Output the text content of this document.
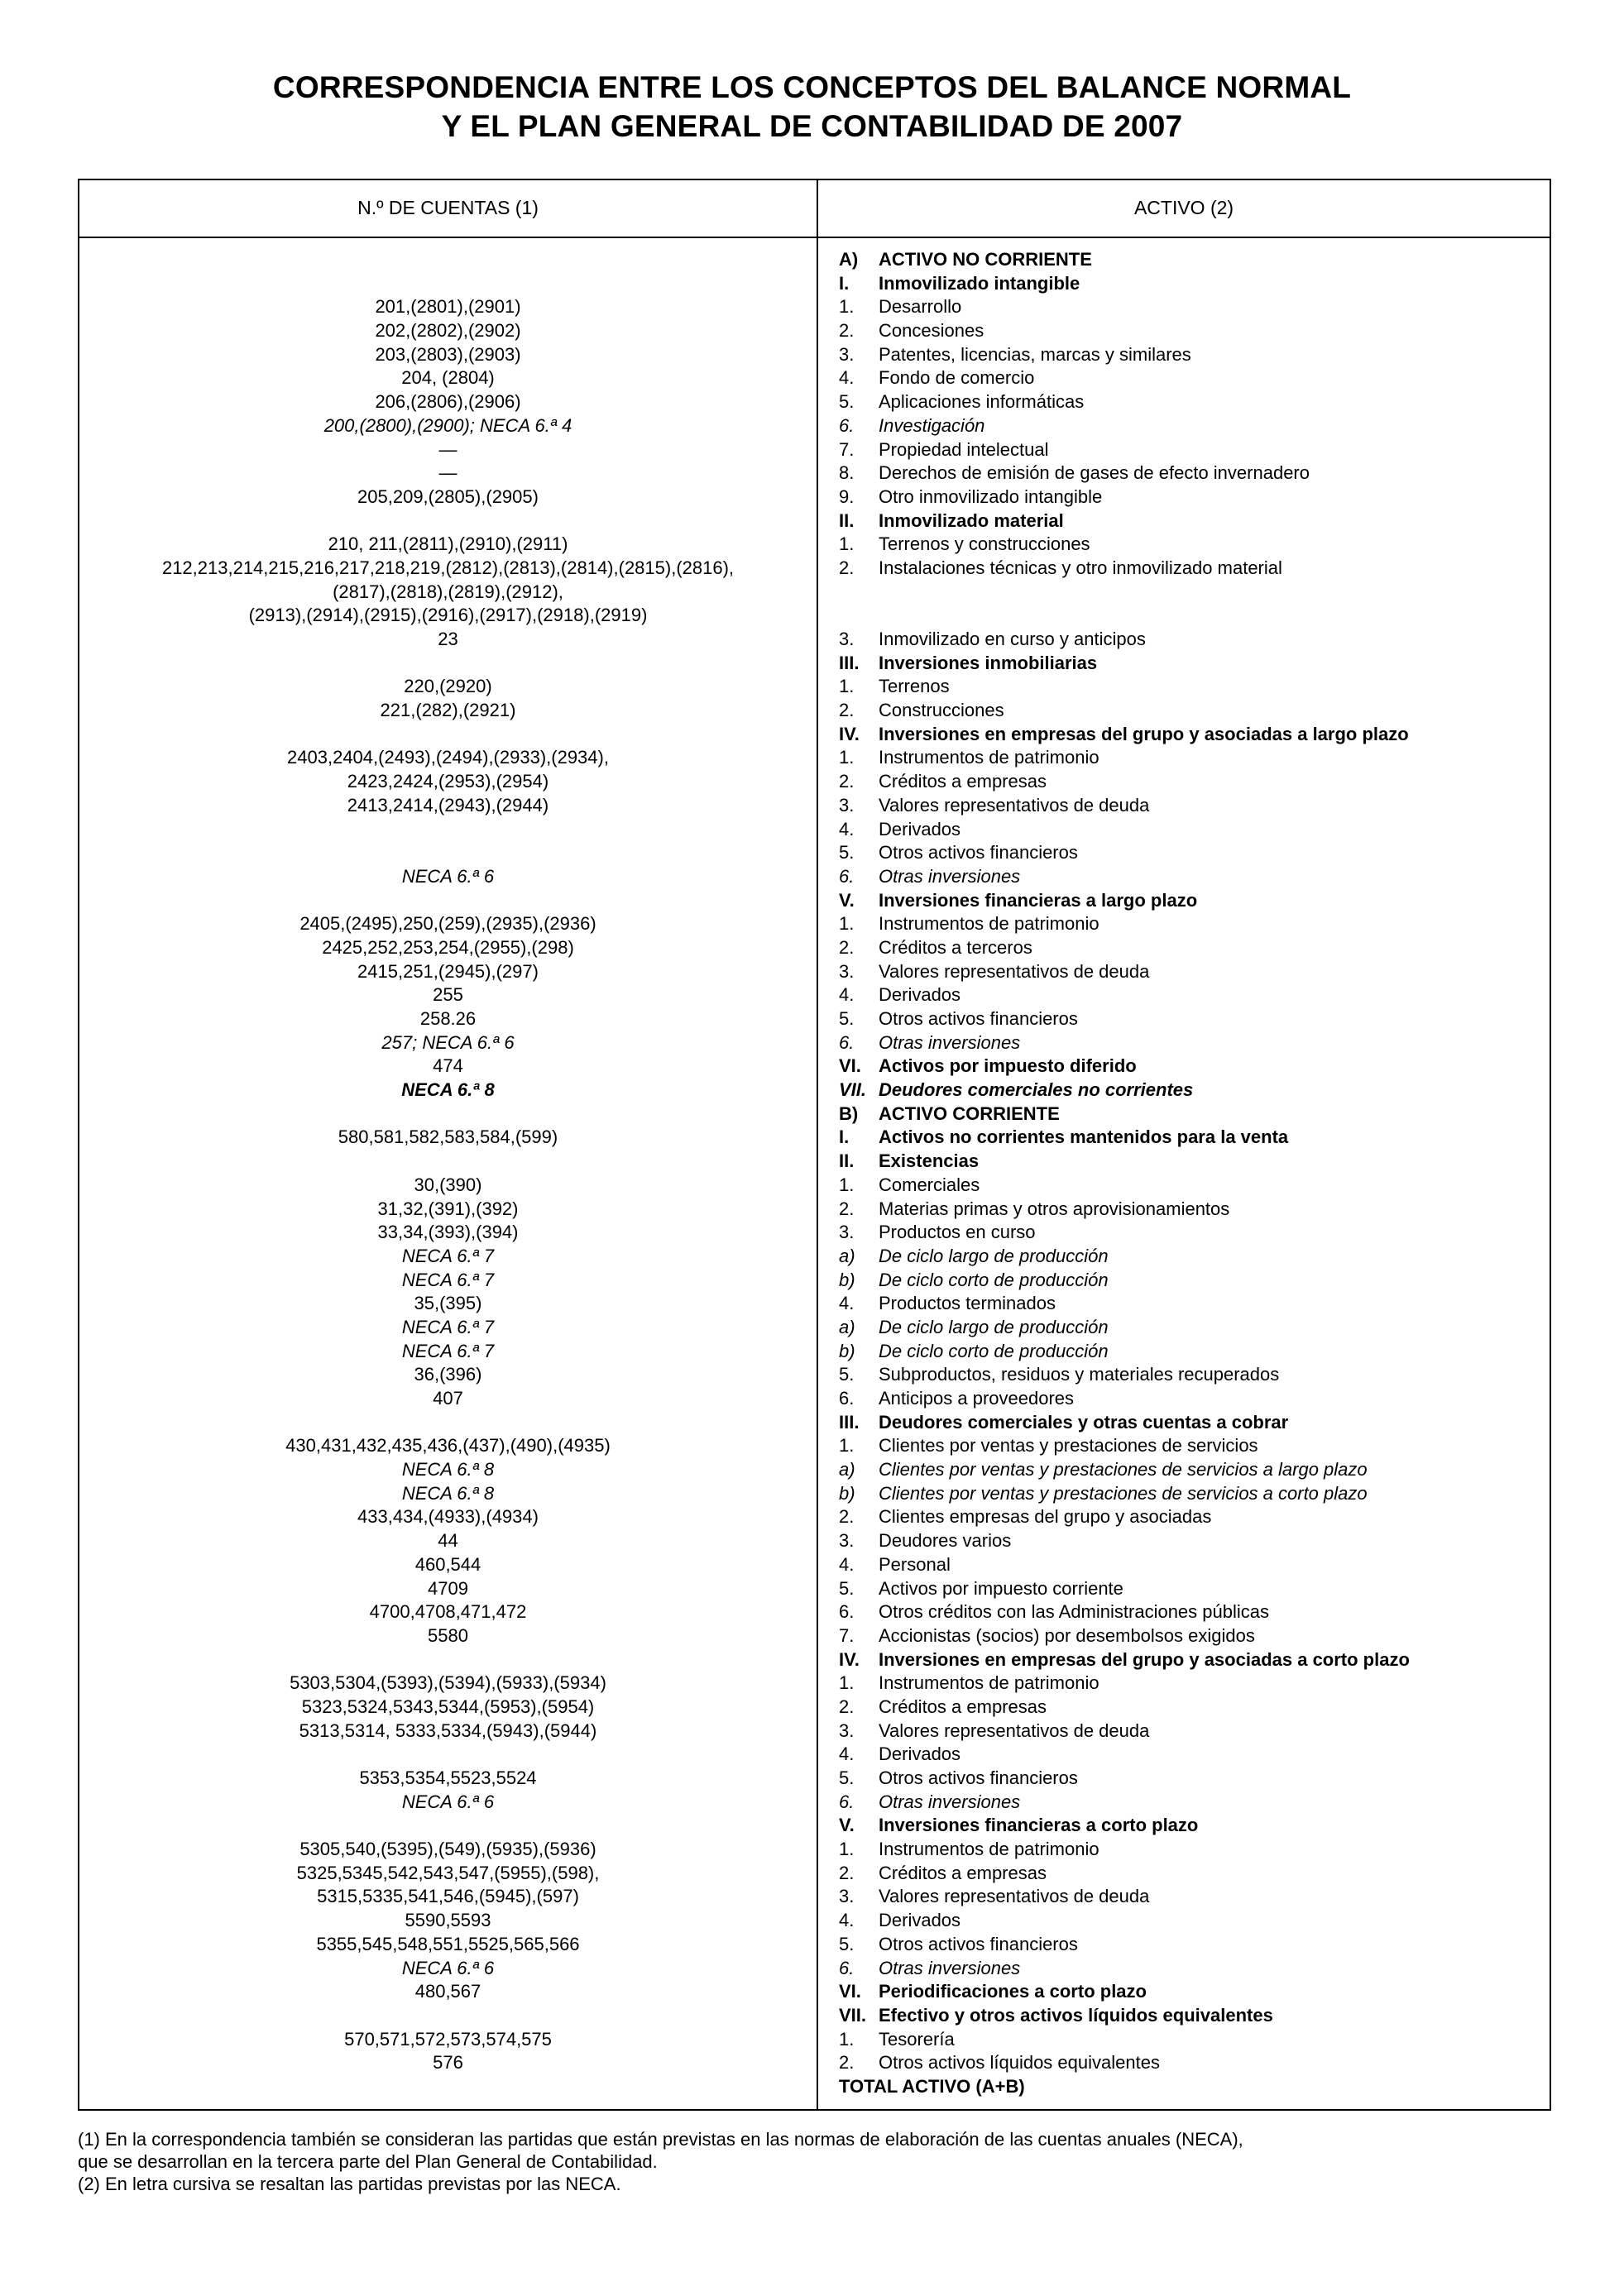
CORRESPONDENCIA ENTRE LOS CONCEPTOS DEL BALANCE NORMAL
Y EL PLAN GENERAL DE CONTABILIDAD DE 2007
N.º DE CUENTAS (1)	ACTIVO (2)
A) ACTIVO NO CORRIENTE
I. Inmovilizado intangible
201,(2801),(2901)	1. Desarrollo
202,(2802),(2902)	2. Concesiones
203,(2803),(2903)	3. Patentes, licencias, marcas y similares
204, (2804)	4. Fondo de comercio
206,(2806),(2906)	5. Aplicaciones informáticas
200,(2800),(2900); NECA 6.ª 4	6. Investigación
—	7. Propiedad intelectual
—	8. Derechos de emisión de gases de efecto invernadero
205,209,(2805),(2905)	9. Otro inmovilizado intangible
II. Inmovilizado material
210, 211,(2811),(2910),(2911)	1. Terrenos y construcciones
212,213,214,215,216,217,218,219,(2812),(2813),(2814),(2815),(2816),	2. Instalaciones técnicas y otro inmovilizado material
(2817),(2818),(2819),(2912),
(2913),(2914),(2915),(2916),(2917),(2918),(2919)
23	3. Inmovilizado en curso y anticipos
III. Inversiones inmobiliarias
220,(2920)	1. Terrenos
221,(282),(2921)	2. Construcciones
IV. Inversiones en empresas del grupo y asociadas a largo plazo
2403,2404,(2493),(2494),(2933),(2934),	1. Instrumentos de patrimonio
2423,2424,(2953),(2954)	2. Créditos a empresas
2413,2414,(2943),(2944)	3. Valores representativos de deuda
4. Derivados
5. Otros activos financieros
NECA 6.ª 6	6. Otras inversiones
V. Inversiones financieras a largo plazo
2405,(2495),250,(259),(2935),(2936)	1. Instrumentos de patrimonio
2425,252,253,254,(2955),(298)	2. Créditos a terceros
2415,251,(2945),(297)	3. Valores representativos de deuda
255	4. Derivados
258.26	5. Otros activos financieros
257; NECA 6.ª 6	6. Otras inversiones
474	VI. Activos por impuesto diferido
NECA 6.ª 8	VII. Deudores comerciales no corrientes
B) ACTIVO CORRIENTE
580,581,582,583,584,(599)	I. Activos no corrientes mantenidos para la venta
II. Existencias
30,(390)	1. Comerciales
31,32,(391),(392)	2. Materias primas y otros aprovisionamientos
33,34,(393),(394)	3. Productos en curso
NECA 6.ª 7	a) De ciclo largo de producción
NECA 6.ª 7	b) De ciclo corto de producción
35,(395)	4. Productos terminados
NECA 6.ª 7	a) De ciclo largo de producción
NECA 6.ª 7	b) De ciclo corto de producción
36,(396)	5. Subproductos, residuos y materiales recuperados
407	6. Anticipos a proveedores
III. Deudores comerciales y otras cuentas a cobrar
430,431,432,435,436,(437),(490),(4935)	1. Clientes por ventas y prestaciones de servicios
NECA 6.ª 8	a) Clientes por ventas y prestaciones de servicios a largo plazo
NECA 6.ª 8	b) Clientes por ventas y prestaciones de servicios a corto plazo
433,434,(4933),(4934)	2. Clientes empresas del grupo y asociadas
44	3. Deudores varios
460,544	4. Personal
4709	5. Activos por impuesto corriente
4700,4708,471,472	6. Otros créditos con las Administraciones públicas
5580	7. Accionistas (socios) por desembolsos exigidos
IV. Inversiones en empresas del grupo y asociadas a corto plazo
5303,5304,(5393),(5394),(5933),(5934)	1. Instrumentos de patrimonio
5323,5324,5343,5344,(5953),(5954)	2. Créditos a empresas
5313,5314, 5333,5334,(5943),(5944)	3. Valores representativos de deuda
4. Derivados
5353,5354,5523,5524	5. Otros activos financieros
NECA 6.ª 6	6. Otras inversiones
V. Inversiones financieras a corto plazo
5305,540,(5395),(549),(5935),(5936)	1. Instrumentos de patrimonio
5325,5345,542,543,547,(5955),(598),	2. Créditos a empresas
5315,5335,541,546,(5945),(597)	3. Valores representativos de deuda
5590,5593	4. Derivados
5355,545,548,551,5525,565,566	5. Otros activos financieros
NECA 6.ª 6	6. Otras inversiones
480,567	VI. Periodificaciones a corto plazo
VII. Efectivo y otros activos líquidos equivalentes
570,571,572,573,574,575	1. Tesorería
576	2. Otros activos líquidos equivalentes
TOTAL ACTIVO (A+B)
(1) En la correspondencia también se consideran las partidas que están previstas en las normas de elaboración de las cuentas anuales (NECA),
que se desarrollan en la tercera parte del Plan General de Contabilidad.
(2) En letra cursiva se resaltan las partidas previstas por las NECA.
